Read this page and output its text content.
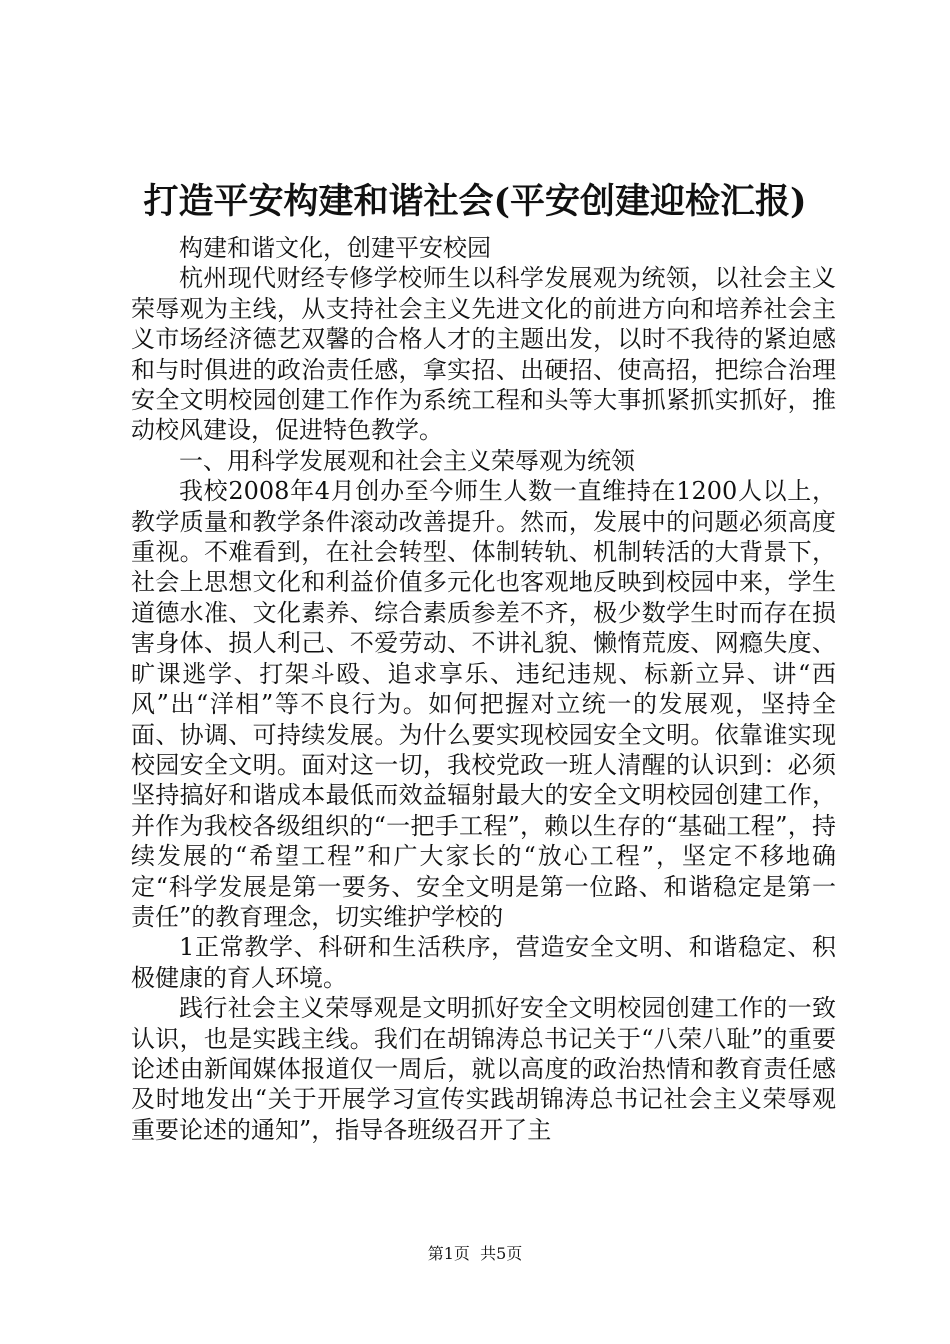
打造平安构建和谐社会(平安创建迎检汇报)

构建和谐文化，创建平安校园

杭州现代财经专修学校师生以科学发展观为统领，以社会主义荣辱观为主线，从支持社会主义先进文化的前进方向和培养社会主义市场经济德艺双馨的合格人才的主题出发，以时不我待的紧迫感和与时俱进的政治责任感，拿实招、出硬招、使高招，把综合治理安全文明校园创建工作作为系统工程和头等大事抓紧抓实抓好，推动校风建设，促进特色教学。

一、用科学发展观和社会主义荣辱观为统领

我校2008年4月创办至今师生人数一直维持在1200人以上，教学质量和教学条件滚动改善提升。然而，发展中的问题必须高度重视。不难看到，在社会转型、体制转轨、机制转活的大背景下，社会上思想文化和利益价值多元化也客观地反映到校园中来，学生道德水准、文化素养、综合素质参差不齐，极少数学生时而存在损害身体、损人利己、不爱劳动、不讲礼貌、懒惰荒废、网瘾失度、旷课逃学、打架斗殴、追求享乐、违纪违规、标新立异、讲“西风”出“洋相”等不良行为。如何把握对立统一的发展观，坚持全面、协调、可持续发展。为什么要实现校园安全文明。依靠谁实现校园安全文明。面对这一切，我校党政一班人清醒的认识到：必须坚持搞好和谐成本最低而效益辐射最大的安全文明校园创建工作，并作为我校各级组织的“一把手工程”，赖以生存的“基础工程”，持续发展的“希望工程”和广大家长的“放心工程”，坚定不移地确定“科学发展是第一要务、安全文明是第一位路、和谐稳定是第一责任”的教育理念，切实维护学校的

1正常教学、科研和生活秩序，营造安全文明、和谐稳定、积极健康的育人环境。

践行社会主义荣辱观是文明抓好安全文明校园创建工作的一致认识，也是实践主线。我们在胡锦涛总书记关于“八荣八耻”的重要论述由新闻媒体报道仅一周后，就以高度的政治热情和教育责任感及时地发出“关于开展学习宣传实践胡锦涛总书记社会主义荣辱观重要论述的通知”，指导各班级召开了主

第1页  共5页
